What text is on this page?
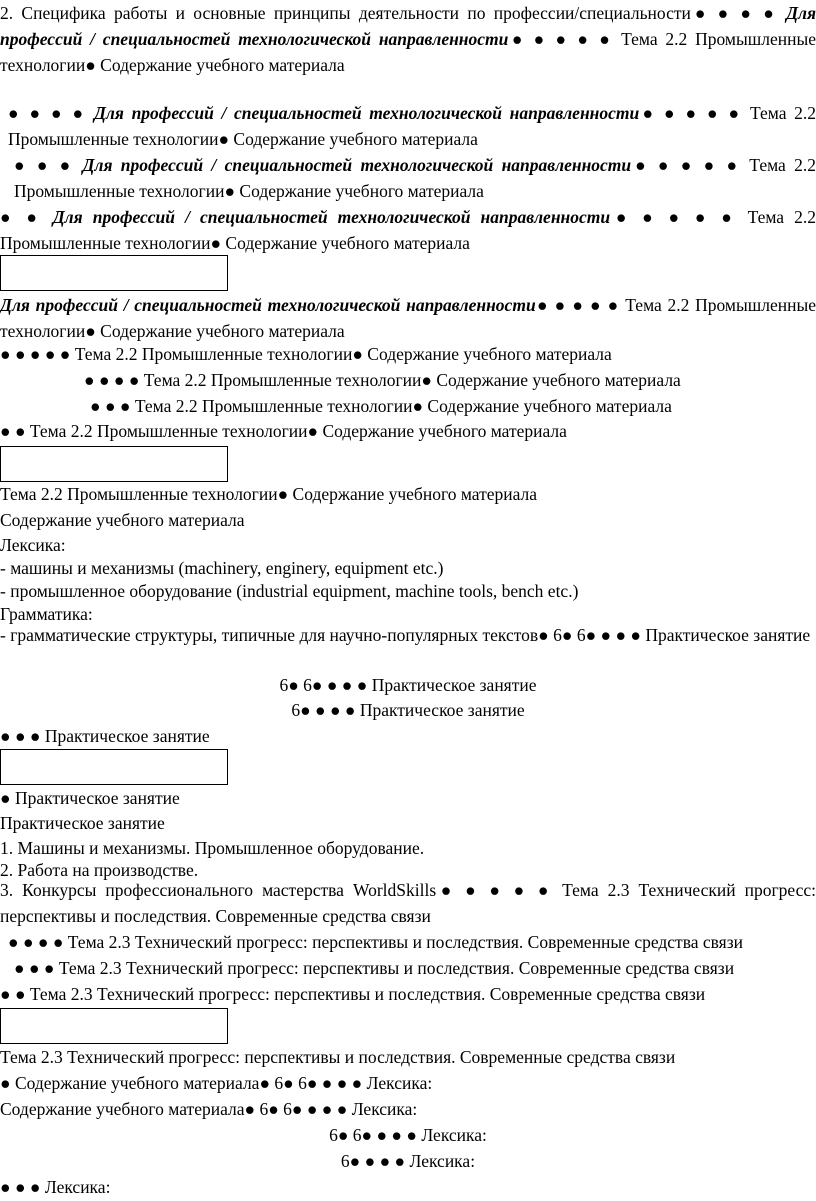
2. Специфика работы и основные принципы деятельности по профессии/специальности● ● ● ● Для профессий / специальностей технологической направленности● ● ● ● ● Тема 2.2 Промышленные технологии● Содержание учебного материала
● ● ● ● Для профессий / специальностей технологической направленности● ● ● ● ● Тема 2.2 Промышленные технологии● Содержание учебного материала
● ● ● Для профессий / специальностей технологической направленности● ● ● ● ● Тема 2.2 Промышленные технологии● Содержание учебного материала
● ● Для профессий / специальностей технологической направленности● ● ● ● ● Тема 2.2 Промышленные технологии● Содержание учебного материала
Для профессий / специальностей технологической направленности● ● ● ● ● Тема 2.2 Промышленные технологии● Содержание учебного материала
● ● ● ● ● Тема 2.2 Промышленные технологии● Содержание учебного материала
● ● ● ● Тема 2.2 Промышленные технологии● Содержание учебного материала
● ● ● Тема 2.2 Промышленные технологии● Содержание учебного материала
● ● Тема 2.2 Промышленные технологии● Содержание учебного материала
Тема 2.2 Промышленные технологии● Содержание учебного материала
Содержание учебного материала
Лексика:
- машины и механизмы (machinery, enginery, equipment etc.)
- промышленное оборудование (industrial equipment, machine tools, bench etc.)
Грамматика:
- грамматические структуры, типичные для научно-популярных текстов● 6● 6● ● ● ● Практическое занятие
6● 6● ● ● ● Практическое занятие
6● ● ● ● Практическое занятие
● ● ● Практическое занятие
● Практическое занятие
Практическое занятие
1. Машины и механизмы. Промышленное оборудование.
2. Работа на производстве.
3. Конкурсы профессионального мастерства WorldSkills● ● ● ● ● Тема 2.3 Технический прогресс: перспективы и последствия. Современные средства связи
● ● ● ● Тема 2.3 Технический прогресс: перспективы и последствия. Современные средства связи
● ● ● Тема 2.3 Технический прогресс: перспективы и последствия. Современные средства связи
● ● Тема 2.3 Технический прогресс: перспективы и последствия. Современные средства связи
Тема 2.3 Технический прогресс: перспективы и последствия. Современные средства связи
● Содержание учебного материала● 6● 6● ● ● ● Лексика:
Содержание учебного материала● 6● 6● ● ● ● Лексика:
6● 6● ● ● ● Лексика:
6● ● ● ● Лексика:
● ● ● Лексика:
